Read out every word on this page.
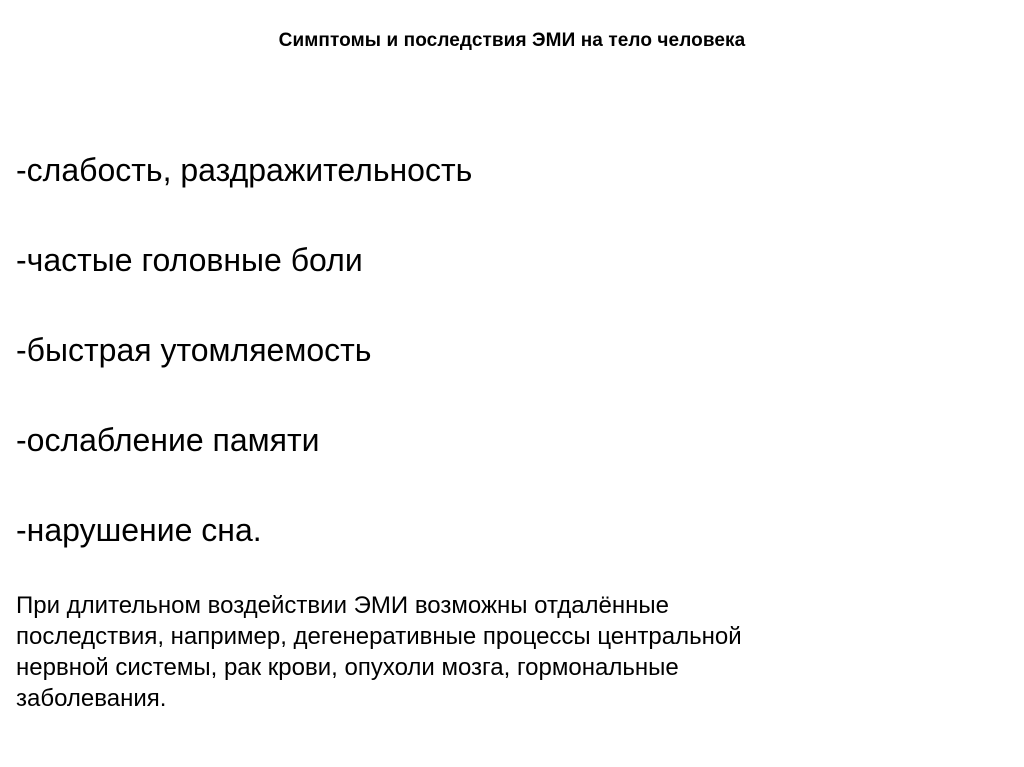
Симптомы и последствия ЭМИ на тело человека
-слабость, раздражительность
-частые головные боли
-быстрая утомляемость
-ослабление памяти
-нарушение сна.

При длительном воздействии ЭМИ возможны отдалённые
последствия, например, дегенеративные процессы центральной
нервной системы, рак крови, опухоли мозга, гормональные
заболевания.
